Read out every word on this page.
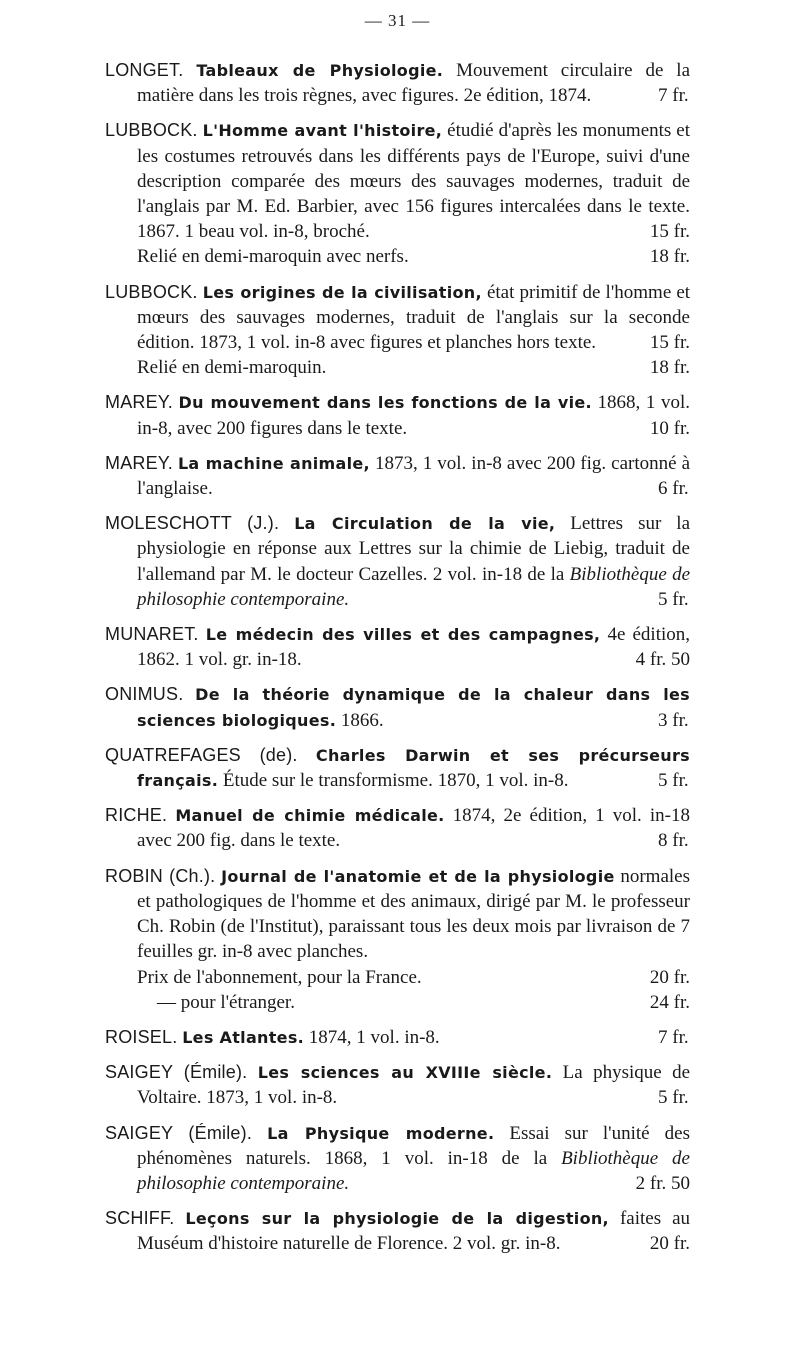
— 31 —

LONGET. Tableaux de Physiologie. Mouvement circulaire de la matière dans les trois règnes, avec figures. 2e édition, 1874.	7 fr.

LUBBOCK. L'Homme avant l'histoire, étudié d'après les monuments et les costumes retrouvés dans les différents pays de l'Europe, suivi d'une description comparée des mœurs des sauvages modernes, traduit de l'anglais par M. Ed. Barbier, avec 156 figures intercalées dans le texte. 1867. 1 beau vol. in-8, broché.	15 fr.

Relié en demi-maroquin avec nerfs.	18 fr.

LUBBOCK. Les origines de la civilisation, état primitif de l'homme et mœurs des sauvages modernes, traduit de l'anglais sur la seconde édition. 1873, 1 vol. in-8 avec figures et planches hors texte.	15 fr.

Relié en demi-maroquin.	18 fr.

MAREY. Du mouvement dans les fonctions de la vie. 1868, 1 vol. in-8, avec 200 figures dans le texte.	10 fr.

MAREY. La machine animale, 1873, 1 vol. in-8 avec 200 fig. cartonné à l'anglaise.	6 fr.

MOLESCHOTT (J.). La Circulation de la vie, Lettres sur la physiologie en réponse aux Lettres sur la chimie de Liebig, traduit de l'allemand par M. le docteur Cazelles. 2 vol. in-18 de la Bibliothèque de philosophie contemporaine.	5 fr.

MUNARET. Le médecin des villes et des campagnes, 4e édition, 1862. 1 vol. gr. in-18.	4 fr. 50

ONIMUS. De la théorie dynamique de la chaleur dans les sciences biologiques. 1866.	3 fr.

QUATREFAGES (de). Charles Darwin et ses précurseurs français. Étude sur le transformisme. 1870, 1 vol. in-8.	5 fr.

RICHE. Manuel de chimie médicale. 1874, 2e édition, 1 vol. in-18 avec 200 fig. dans le texte.	8 fr.

ROBIN (Ch.). Journal de l'anatomie et de la physiologie normales et pathologiques de l'homme et des animaux, dirigé par M. le professeur Ch. Robin (de l'Institut), paraissant tous les deux mois par livraison de 7 feuilles gr. in-8 avec planches.

Prix de l'abonnement, pour la France.	20 fr.
— pour l'étranger.	24 fr.

ROISEL. Les Atlantes. 1874, 1 vol. in-8.	7 fr.

SAIGEY (Émile). Les sciences au XVIIIe siècle. La physique de Voltaire. 1873, 1 vol. in-8.	5 fr.

SAIGEY (Émile). La Physique moderne. Essai sur l'unité des phénomènes naturels. 1868, 1 vol. in-18 de la Bibliothèque de philosophie contemporaine.	2 fr. 50

SCHIFF. Leçons sur la physiologie de la digestion, faites au Muséum d'histoire naturelle de Florence. 2 vol. gr. in-8.	20 fr.
